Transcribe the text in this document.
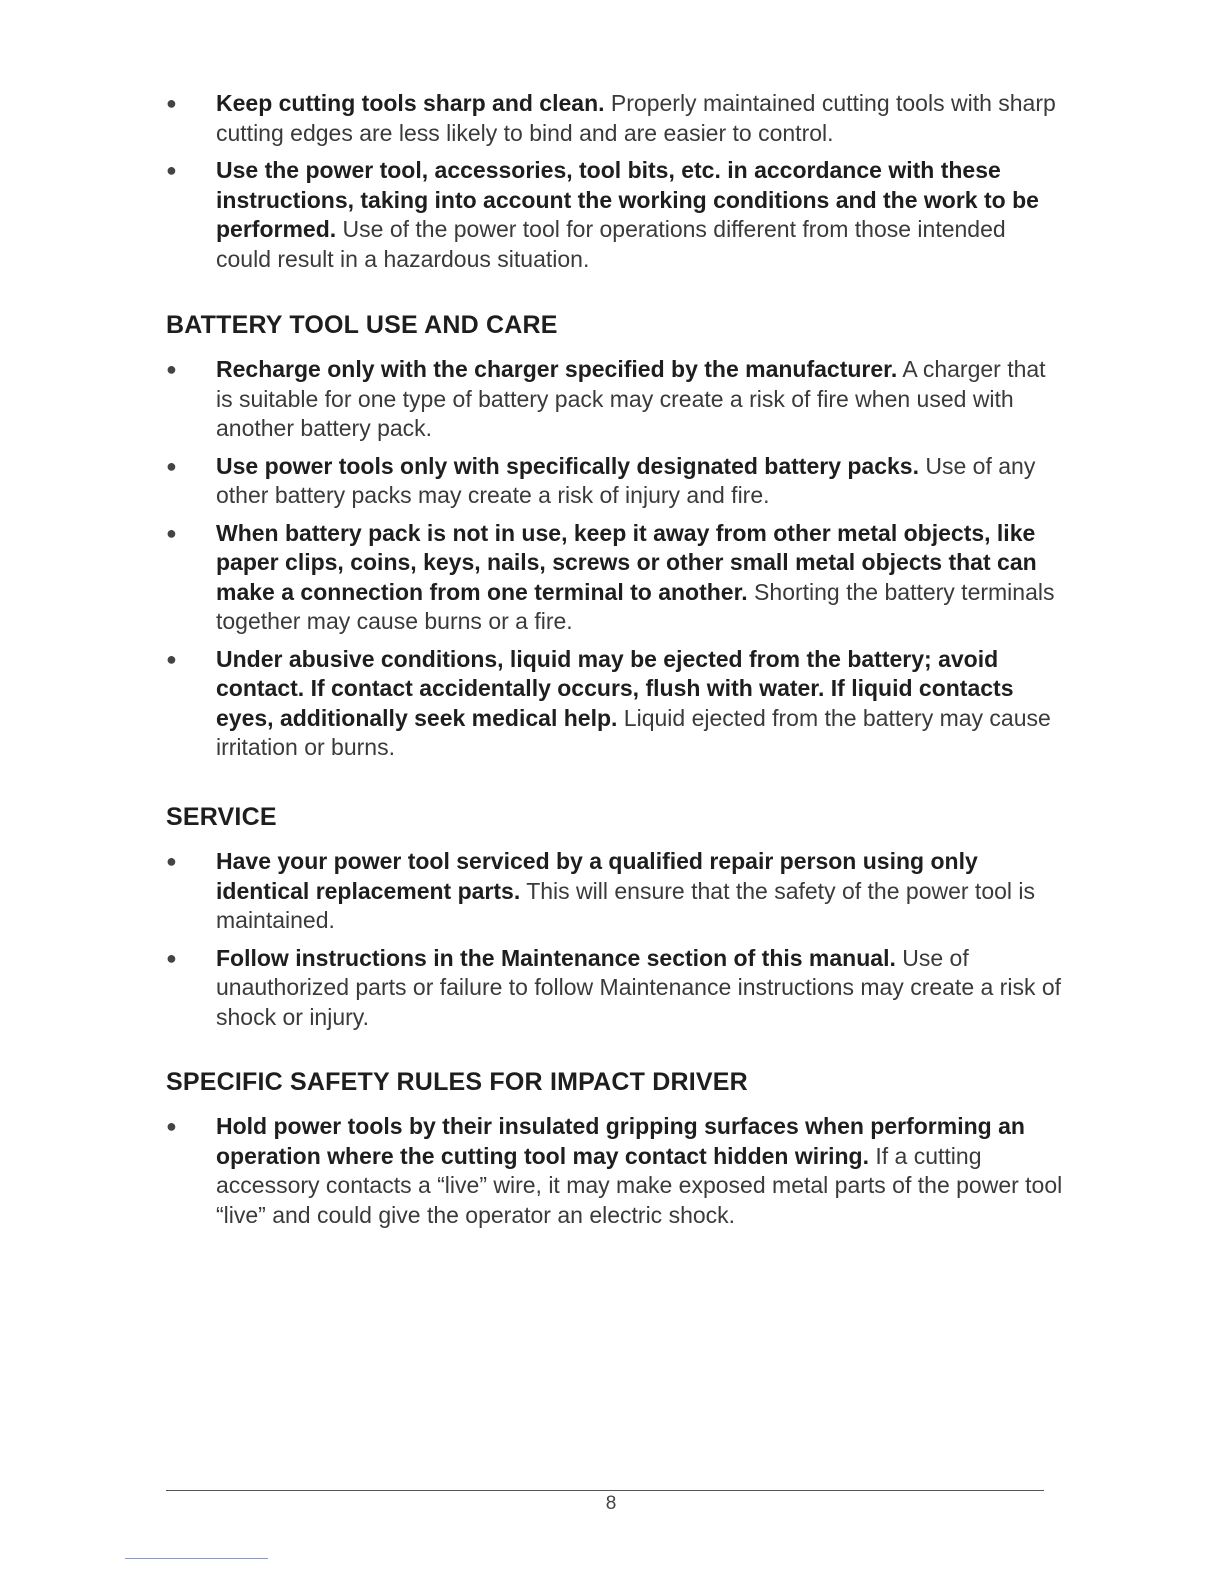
●	Keep cutting tools sharp and clean. Properly maintained cutting tools with sharp cutting edges are less likely to bind and are easier to control.
●	Use the power tool, accessories, tool bits, etc. in accordance with these instructions, taking into account the working conditions and the work to be performed. Use of the power tool for operations different from those intended could result in a hazardous situation.
BATTERY TOOL USE AND CARE
●	Recharge only with the charger specified by the manufacturer. A charger that is suitable for one type of battery pack may create a risk of fire when used with another battery pack.
●	Use power tools only with specifically designated battery packs. Use of any other battery packs may create a risk of injury and fire.
●	When battery pack is not in use, keep it away from other metal objects, like paper clips, coins, keys, nails, screws or other small metal objects that can make a connection from one terminal to another. Shorting the battery terminals together may cause burns or a fire.
●	Under abusive conditions, liquid may be ejected from the battery; avoid contact. If contact accidentally occurs, flush with water. If liquid contacts eyes, additionally seek medical help. Liquid ejected from the battery may cause irritation or burns.
SERVICE
●	Have your power tool serviced by a qualified repair person using only identical replacement parts. This will ensure that the safety of the power tool is maintained.
●	Follow instructions in the Maintenance section of this manual. Use of unauthorized parts or failure to follow Maintenance instructions may create a risk of shock or injury.
SPECIFIC SAFETY RULES FOR IMPACT DRIVER
●	Hold power tools by their insulated gripping surfaces when performing an operation where the cutting tool may contact hidden wiring. If a cutting accessory contacts a “live” wire, it may make exposed metal parts of the power tool “live” and could give the operator an electric shock.
8
